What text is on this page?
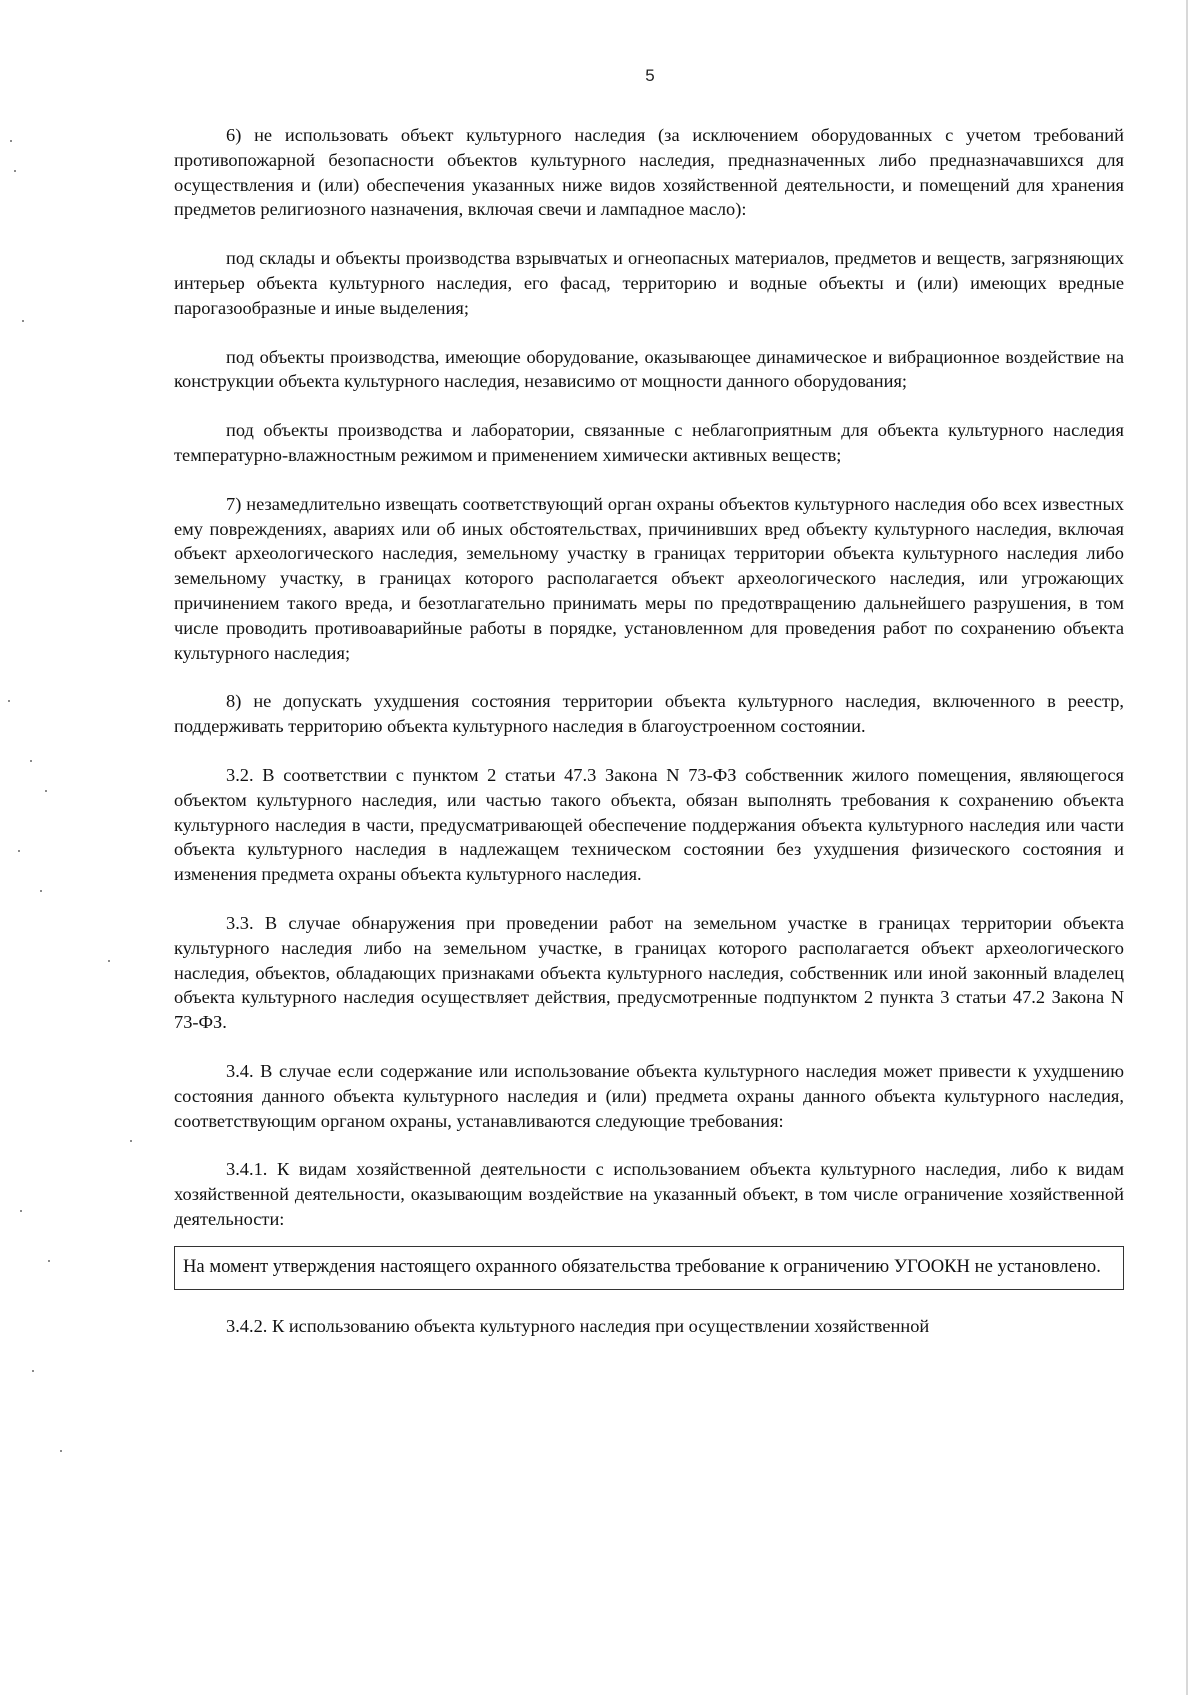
5

6) не использовать объект культурного наследия (за исключением оборудованных с учетом требований противопожарной безопасности объектов культурного наследия, предназначенных либо предназначавшихся для осуществления и (или) обеспечения указанных ниже видов хозяйственной деятельности, и помещений для хранения предметов религиозного назначения, включая свечи и лампадное масло):

под склады и объекты производства взрывчатых и огнеопасных материалов, предметов и веществ, загрязняющих интерьер объекта культурного наследия, его фасад, территорию и водные объекты и (или) имеющих вредные парогазообразные и иные выделения;

под объекты производства, имеющие оборудование, оказывающее динамическое и вибрационное воздействие на конструкции объекта культурного наследия, независимо от мощности данного оборудования;

под объекты производства и лаборатории, связанные с неблагоприятным для объекта культурного наследия температурно-влажностным режимом и применением химически активных веществ;

7) незамедлительно извещать соответствующий орган охраны объектов культурного наследия обо всех известных ему повреждениях, авариях или об иных обстоятельствах, причинивших вред объекту культурного наследия, включая объект археологического наследия, земельному участку в границах территории объекта культурного наследия либо земельному участку, в границах которого располагается объект археологического наследия, или угрожающих причинением такого вреда, и безотлагательно принимать меры по предотвращению дальнейшего разрушения, в том числе проводить противоаварийные работы в порядке, установленном для проведения работ по сохранению объекта культурного наследия;

8) не допускать ухудшения состояния территории объекта культурного наследия, включенного в реестр, поддерживать территорию объекта культурного наследия в благоустроенном состоянии.

3.2. В соответствии с пунктом 2 статьи 47.3 Закона N 73-ФЗ собственник жилого помещения, являющегося объектом культурного наследия, или частью такого объекта, обязан выполнять требования к сохранению объекта культурного наследия в части, предусматривающей обеспечение поддержания объекта культурного наследия или части объекта культурного наследия в надлежащем техническом состоянии без ухудшения физического состояния и изменения предмета охраны объекта культурного наследия.

3.3. В случае обнаружения при проведении работ на земельном участке в границах территории объекта культурного наследия либо на земельном участке, в границах которого располагается объект археологического наследия, объектов, обладающих признаками объекта культурного наследия, собственник или иной законный владелец объекта культурного наследия осуществляет действия, предусмотренные подпунктом 2 пункта 3 статьи 47.2 Закона N 73-ФЗ.

3.4. В случае если содержание или использование объекта культурного наследия может привести к ухудшению состояния данного объекта культурного наследия и (или) предмета охраны данного объекта культурного наследия, соответствующим органом охраны, устанавливаются следующие требования:

3.4.1. К видам хозяйственной деятельности с использованием объекта культурного наследия, либо к видам хозяйственной деятельности, оказывающим воздействие на указанный объект, в том числе ограничение хозяйственной деятельности:

На момент утверждения настоящего охранного обязательства требование к ограничению УГООКН не установлено.

3.4.2. К использованию объекта культурного наследия при осуществлении хозяйственной
